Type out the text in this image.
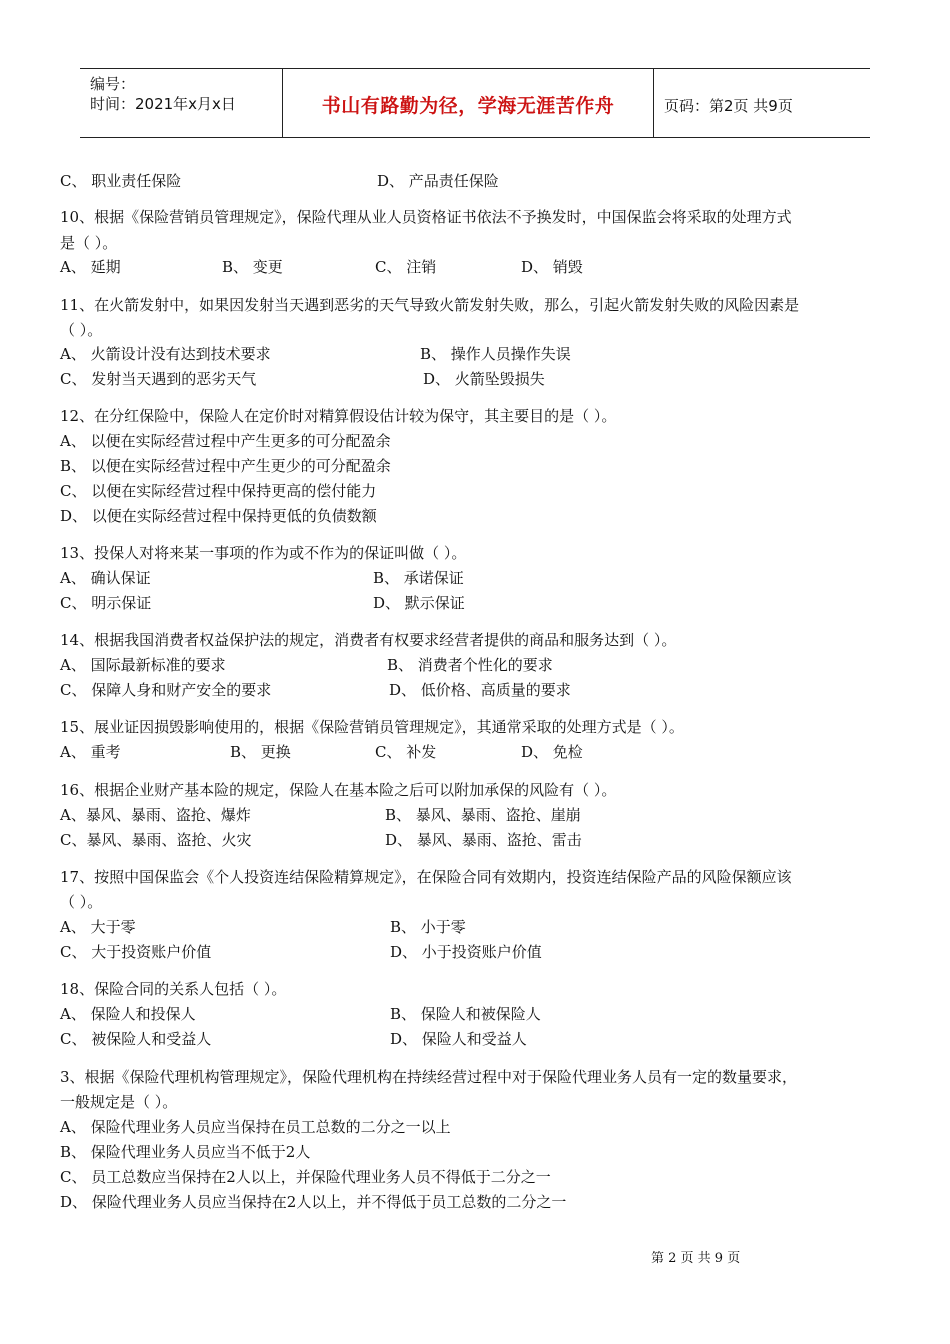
编号：
时间：2021年x月x日	书山有路勤为径，学海无涯苦作舟	页码：第2页 共9页
C、 职业责任保险	D、 产品责任保险
10、根据《保险营销员管理规定》，保险代理从业人员资格证书依法不予换发时，中国保监会将采取的处理方式
是（ ）。
A、 延期	B、 变更	C、 注销	D、 销毁
11、在火箭发射中，如果因发射当天遇到恶劣的天气导致火箭发射失败，那么，引起火箭发射失败的风险因素是
（ ）。
A、 火箭设计没有达到技术要求	B、 操作人员操作失误
C、 发射当天遇到的恶劣天气	D、 火箭坠毁损失
12、在分红保险中，保险人在定价时对精算假设估计较为保守，其主要目的是（ ）。
A、 以便在实际经营过程中产生更多的可分配盈余
B、 以便在实际经营过程中产生更少的可分配盈余
C、 以便在实际经营过程中保持更高的偿付能力
D、 以便在实际经营过程中保持更低的负债数额
13、投保人对将来某一事项的作为或不作为的保证叫做（ ）。
A、 确认保证	B、 承诺保证
C、 明示保证	D、 默示保证
14、根据我国消费者权益保护法的规定，消费者有权要求经营者提供的商品和服务达到（ ）。
A、 国际最新标准的要求	B、 消费者个性化的要求
C、 保障人身和财产安全的要求	D、 低价格、高质量的要求
15、展业证因损毁影响使用的，根据《保险营销员管理规定》，其通常采取的处理方式是（ ）。
A、 重考	B、 更换	C、 补发	D、 免检
16、根据企业财产基本险的规定，保险人在基本险之后可以附加承保的风险有（ ）。
A、暴风、暴雨、盗抢、爆炸	B、 暴风、暴雨、盗抢、崖崩
C、暴风、暴雨、盗抢、火灾	D、 暴风、暴雨、盗抢、雷击
17、按照中国保监会《个人投资连结保险精算规定》，在保险合同有效期内，投资连结保险产品的风险保额应该
（ ）。
A、 大于零	B、 小于零
C、 大于投资账户价值	D、 小于投资账户价值
18、保险合同的关系人包括（ ）。
A、 保险人和投保人	B、 保险人和被保险人
C、 被保险人和受益人	D、 保险人和受益人
3、根据《保险代理机构管理规定》，保险代理机构在持续经营过程中对于保险代理业务人员有一定的数量要求，
一般规定是（ ）。
A、 保险代理业务人员应当保持在员工总数的二分之一以上
B、 保险代理业务人员应当不低于2人
C、 员工总数应当保持在2人以上，并保险代理业务人员不得低于二分之一
D、 保险代理业务人员应当保持在2人以上，并不得低于员工总数的二分之一
第 2 页 共 9 页
